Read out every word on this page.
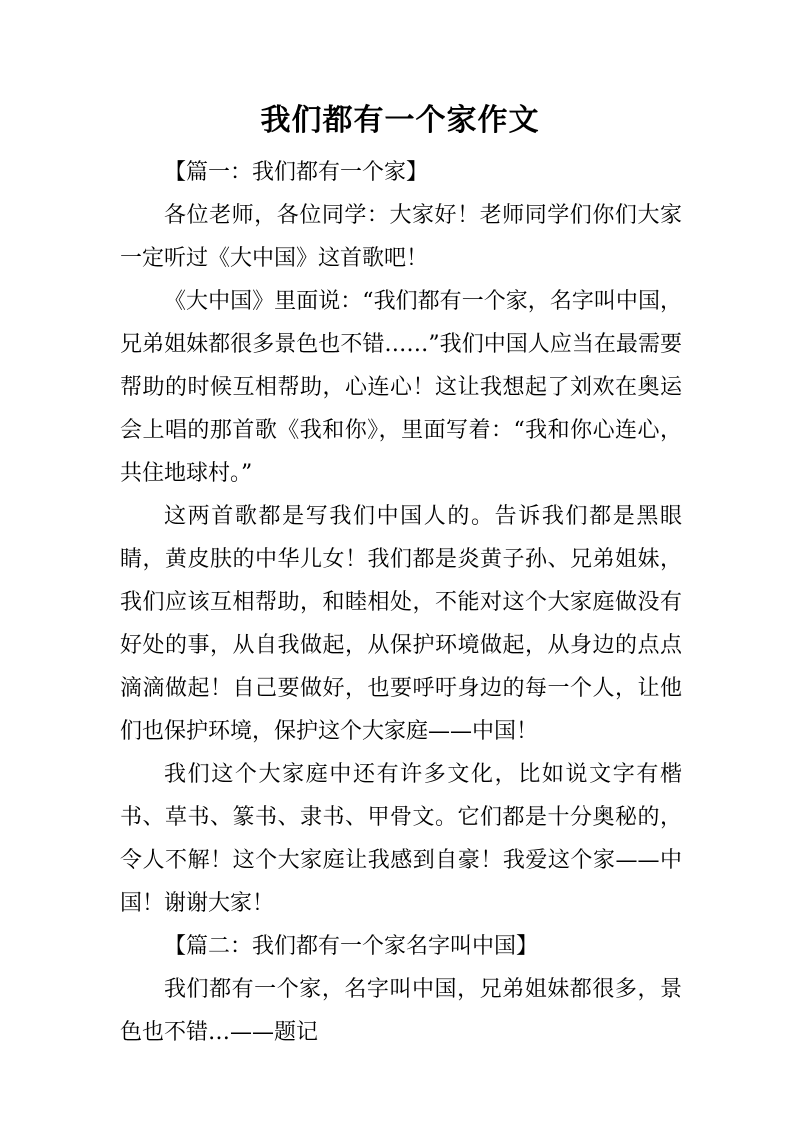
我们都有一个家作文

【篇一：我们都有一个家】

各位老师，各位同学：大家好！老师同学们你们大家一定听过《大中国》这首歌吧！

《大中国》里面说：“我们都有一个家，名字叫中国，兄弟姐妹都很多景色也不错……”我们中国人应当在最需要帮助的时候互相帮助，心连心！这让我想起了刘欢在奥运会上唱的那首歌《我和你》，里面写着：“我和你心连心，共住地球村。”

这两首歌都是写我们中国人的。告诉我们都是黑眼睛，黄皮肤的中华儿女！我们都是炎黄子孙、兄弟姐妹，我们应该互相帮助，和睦相处，不能对这个大家庭做没有好处的事，从自我做起，从保护环境做起，从身边的点点滴滴做起！自己要做好，也要呼吁身边的每一个人，让他们也保护环境，保护这个大家庭——中国！

我们这个大家庭中还有许多文化，比如说文字有楷书、草书、篆书、隶书、甲骨文。它们都是十分奥秘的，令人不解！这个大家庭让我感到自豪！我爱这个家——中国！谢谢大家！

【篇二：我们都有一个家名字叫中国】

我们都有一个家，名字叫中国，兄弟姐妹都很多，景色也不错…——题记
